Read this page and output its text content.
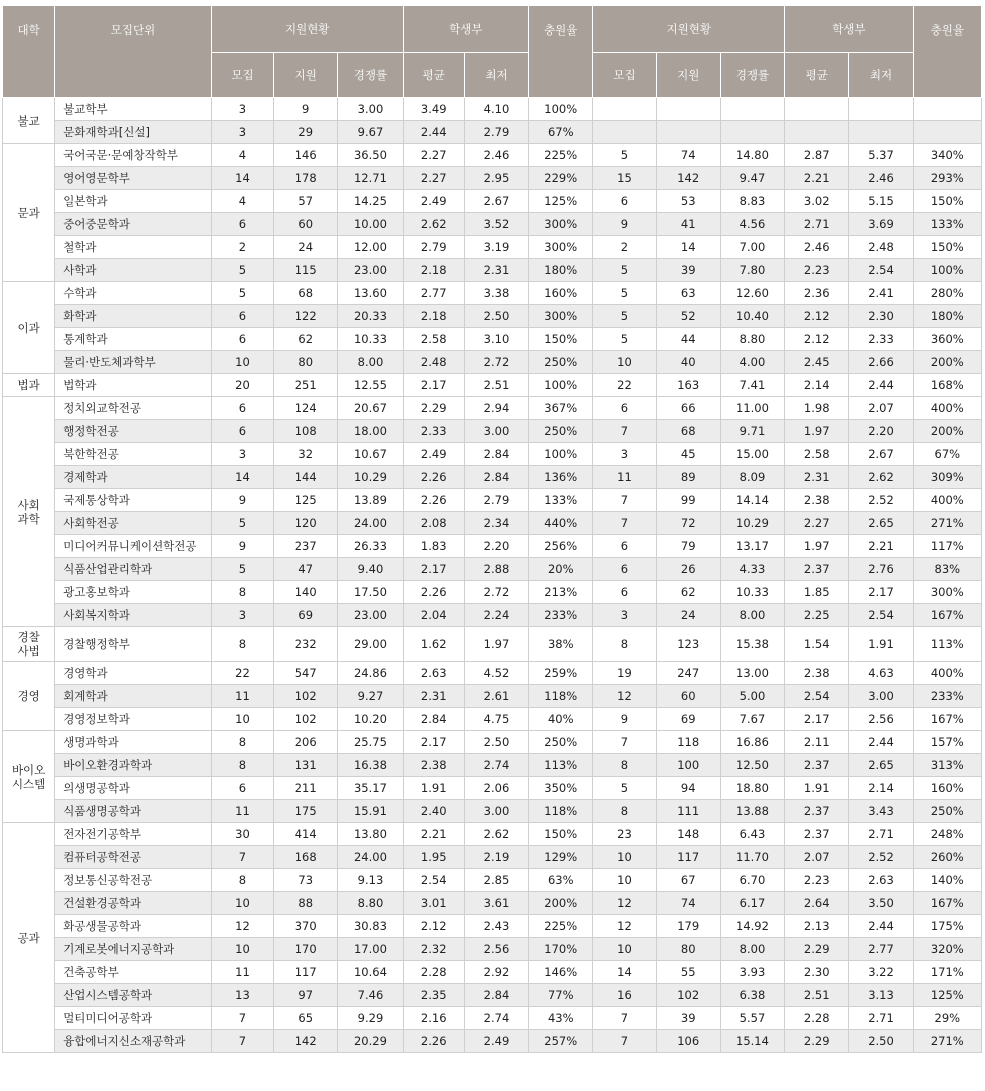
대학	모집단위	지원현황			학생부		충원율	지원현황			학생부		충원율
		모집	지원	경쟁률	평균	최저		모집	지원	경쟁률	평균	최저	
불교	불교학부	3	9	3.00	3.49	4.10	100%						
	문화재학과[신설]	3	29	9.67	2.44	2.79	67%						
문과	국어국문·문예창작학부	4	146	36.50	2.27	2.46	225%	5	74	14.80	2.87	5.37	340%
	영어영문학부	14	178	12.71	2.27	2.95	229%	15	142	9.47	2.21	2.46	293%
	일본학과	4	57	14.25	2.49	2.67	125%	6	53	8.83	3.02	5.15	150%
	중어중문학과	6	60	10.00	2.62	3.52	300%	9	41	4.56	2.71	3.69	133%
	철학과	2	24	12.00	2.79	3.19	300%	2	14	7.00	2.46	2.48	150%
	사학과	5	115	23.00	2.18	2.31	180%	5	39	7.80	2.23	2.54	100%
이과	수학과	5	68	13.60	2.77	3.38	160%	5	63	12.60	2.36	2.41	280%
	화학과	6	122	20.33	2.18	2.50	300%	5	52	10.40	2.12	2.30	180%
	통계학과	6	62	10.33	2.58	3.10	150%	5	44	8.80	2.12	2.33	360%
	물리·반도체과학부	10	80	8.00	2.48	2.72	250%	10	40	4.00	2.45	2.66	200%
법과	법학과	20	251	12.55	2.17	2.51	100%	22	163	7.41	2.14	2.44	168%
사회
과학	정치외교학전공	6	124	20.67	2.29	2.94	367%	6	66	11.00	1.98	2.07	400%
	행정학전공	6	108	18.00	2.33	3.00	250%	7	68	9.71	1.97	2.20	200%
	북한학전공	3	32	10.67	2.49	2.84	100%	3	45	15.00	2.58	2.67	67%
	경제학과	14	144	10.29	2.26	2.84	136%	11	89	8.09	2.31	2.62	309%
	국제통상학과	9	125	13.89	2.26	2.79	133%	7	99	14.14	2.38	2.52	400%
	사회학전공	5	120	24.00	2.08	2.34	440%	7	72	10.29	2.27	2.65	271%
	미디어커뮤니케이션학전공	9	237	26.33	1.83	2.20	256%	6	79	13.17	1.97	2.21	117%
	식품산업관리학과	5	47	9.40	2.17	2.88	20%	6	26	4.33	2.37	2.76	83%
	광고홍보학과	8	140	17.50	2.26	2.72	213%	6	62	10.33	1.85	2.17	300%
	사회복지학과	3	69	23.00	2.04	2.24	233%	3	24	8.00	2.25	2.54	167%
경찰
사법	경찰행정학부	8	232	29.00	1.62	1.97	38%	8	123	15.38	1.54	1.91	113%
경영	경영학과	22	547	24.86	2.63	4.52	259%	19	247	13.00	2.38	4.63	400%
	회계학과	11	102	9.27	2.31	2.61	118%	12	60	5.00	2.54	3.00	233%
	경영정보학과	10	102	10.20	2.84	4.75	40%	9	69	7.67	2.17	2.56	167%
바이오
시스템	생명과학과	8	206	25.75	2.17	2.50	250%	7	118	16.86	2.11	2.44	157%
	바이오환경과학과	8	131	16.38	2.38	2.74	113%	8	100	12.50	2.37	2.65	313%
	의생명공학과	6	211	35.17	1.91	2.06	350%	5	94	18.80	1.91	2.14	160%
	식품생명공학과	11	175	15.91	2.40	3.00	118%	8	111	13.88	2.37	3.43	250%
공과	전자전기공학부	30	414	13.80	2.21	2.62	150%	23	148	6.43	2.37	2.71	248%
	컴퓨터공학전공	7	168	24.00	1.95	2.19	129%	10	117	11.70	2.07	2.52	260%
	정보통신공학전공	8	73	9.13	2.54	2.85	63%	10	67	6.70	2.23	2.63	140%
	건설환경공학과	10	88	8.80	3.01	3.61	200%	12	74	6.17	2.64	3.50	167%
	화공생물공학과	12	370	30.83	2.12	2.43	225%	12	179	14.92	2.13	2.44	175%
	기계로봇에너지공학과	10	170	17.00	2.32	2.56	170%	10	80	8.00	2.29	2.77	320%
	건축공학부	11	117	10.64	2.28	2.92	146%	14	55	3.93	2.30	3.22	171%
	산업시스템공학과	13	97	7.46	2.35	2.84	77%	16	102	6.38	2.51	3.13	125%
	멀티미디어공학과	7	65	9.29	2.16	2.74	43%	7	39	5.57	2.28	2.71	29%
	융합에너지신소재공학과	7	142	20.29	2.26	2.49	257%	7	106	15.14	2.29	2.50	271%
